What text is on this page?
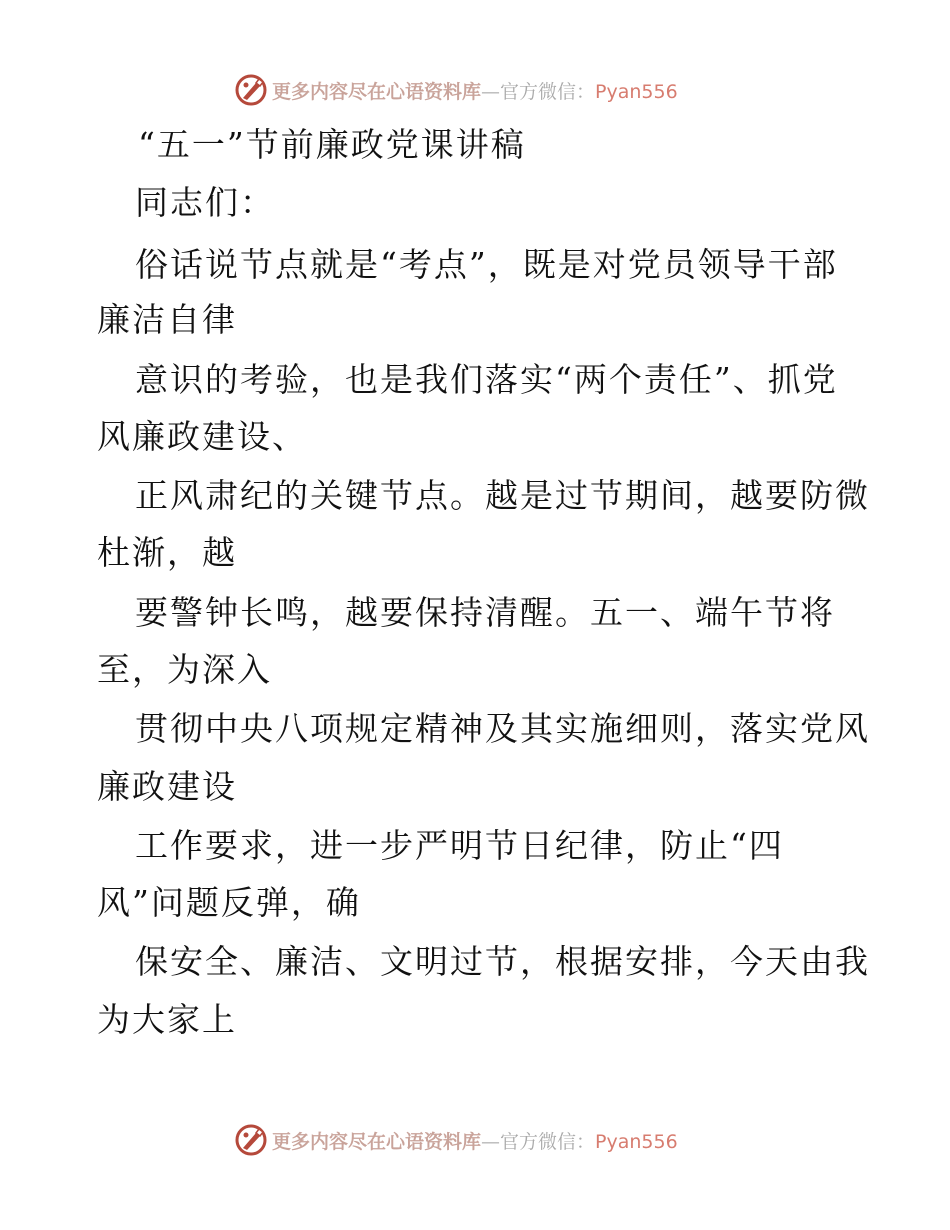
更多内容尽在心语资料库—官方微信：Pyan556
“五一”节前廉政党课讲稿
同志们：
俗话说节点就是“考点”，既是对党员领导干部
廉洁自律
意识的考验，也是我们落实“两个责任”、抓党
风廉政建设、
正风肃纪的关键节点。越是过节期间，越要防微
杜渐，越
要警钟长鸣，越要保持清醒。五一、端午节将
至，为深入
贯彻中央八项规定精神及其实施细则，落实党风
廉政建设
工作要求，进一步严明节日纪律，防止“四
风”问题反弹，确
保安全、廉洁、文明过节，根据安排，今天由我
为大家上
更多内容尽在心语资料库—官方微信：Pyan556
